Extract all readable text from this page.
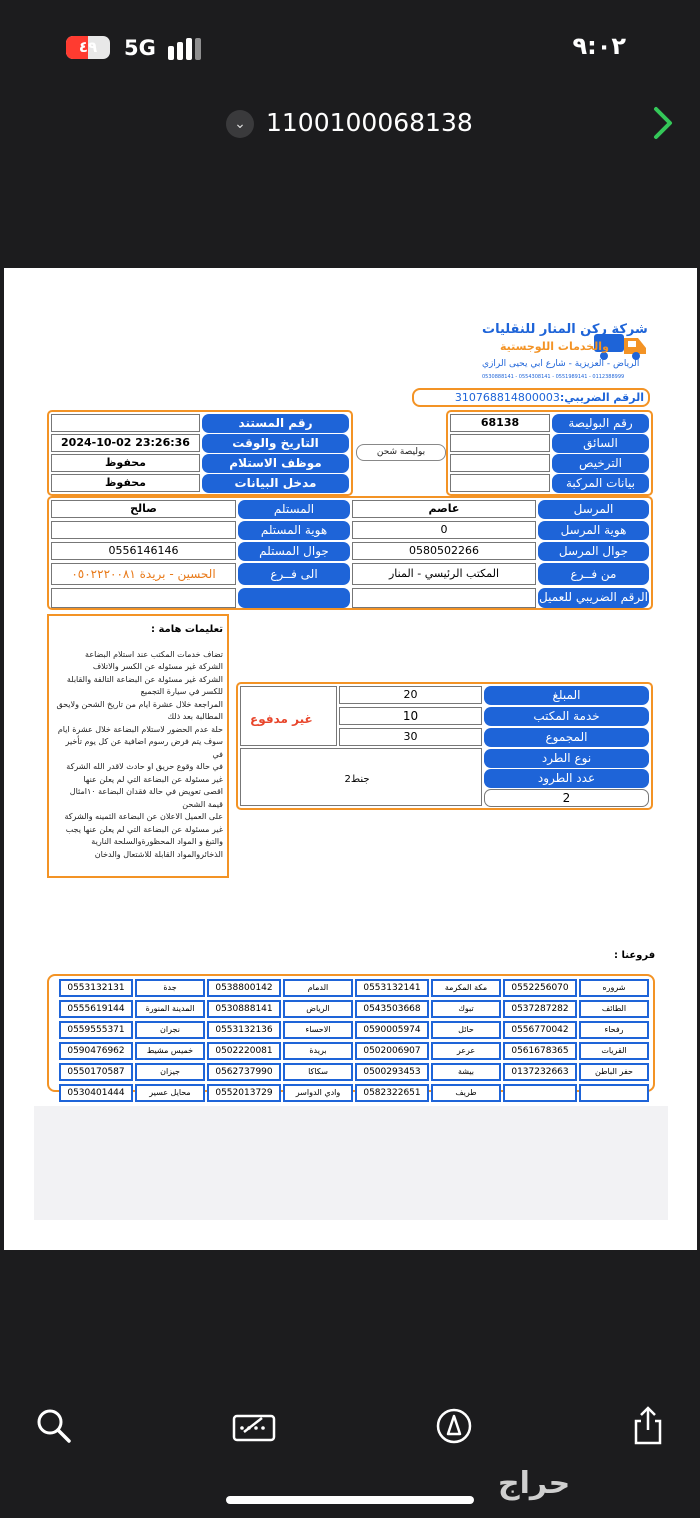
٤٩	5G	٩:٠٢
⌄ 1100100068138
شركة ركن المنار للنقليات
والخدمات اللوجستية
الرياض - العزيزية - شارع ابي يحيى الرازي
0530888141 - 0554308141 - 0551989141 - 0112388999
الرقم الضريبي:310768814800003
رقم البوليصة
68138
السائق
الترخيص
بيانات المركبة
بوليصة شحن
رقم المستند
التاريخ والوقت
2024-10-02 23:26:36
موظف الاستلام
محفوظ
مدخل البيانات
محفوظ
المرسل
عاصم
هوية المرسل
0
جوال المرسل
0580502266
من فــرع
المكتب الرئيسي - المنار
الرقم الضريبي للعميل
المستلم
صالح
هوية المستلم
جوال المستلم
0556146146
الى فــرع
الحسين - بريدة ٠٥٠٢٢٢٠٠٨١
تعليمات هامة :

تضاف خدمات المكتب عند استلام البضاعة

الشركة غير مسئوله عن الكسر والاتلاف

الشركة غير مسئولة عن البضاعة التالفة والقابلة للكسر في سيارة التجميع

المراجعة خلال عشرة ايام من تاريخ الشحن ولايحق المطالبة بعد ذلك

حلة عدم الحضور لاستلام البضاعة خلال عشرة ايام سوف يتم فرض رسوم اضافية عن كل يوم تأخير في

في حالة وقوع حريق او حادث لاقدر الله الشركة غير مسئولة عن البضاعة التي لم يعلن عنها

اقصى تعويض في حالة فقدان البضاعة ١٠امثال قيمة الشحن

على العميل الاعلان عن البضاعة الثمينه والشركة غير مسئولة عن البضاعة التي لم يعلن عنها يجب

والتبغ و المواد المحظورةوالسلحة النارية الذخائروالمواد القابلة للاشتعال والدخان

المبلغ
20
خدمة المكتب
10
المجموع
30
نوع الطرد
عدد الطرود
2
غير مدفوع
جنط2
فروعنا :
شروره
0552256070
مكة المكرمة
0553132141
الدمام
0538800142
جدة
0553132131
الطائف
0537287282
تبوك
0543503668
الرياض
0530888141
المدينة المنورة
0555619144
رفحاء
0556770042
حائل
0590005974
الاحساء
0553132136
نجران
0559555371
القريات
0561678365
عرعر
0502006907
بريدة
0502220081
خميس مشيط
0590476962
حفر الباطن
0137232663
بيشة
0500293453
سكاكا
0562737990
جيزان
0550170587
طريف
0582322651
وادي الدواسر
0552013729
محايل عسير
0530401444
حراج
